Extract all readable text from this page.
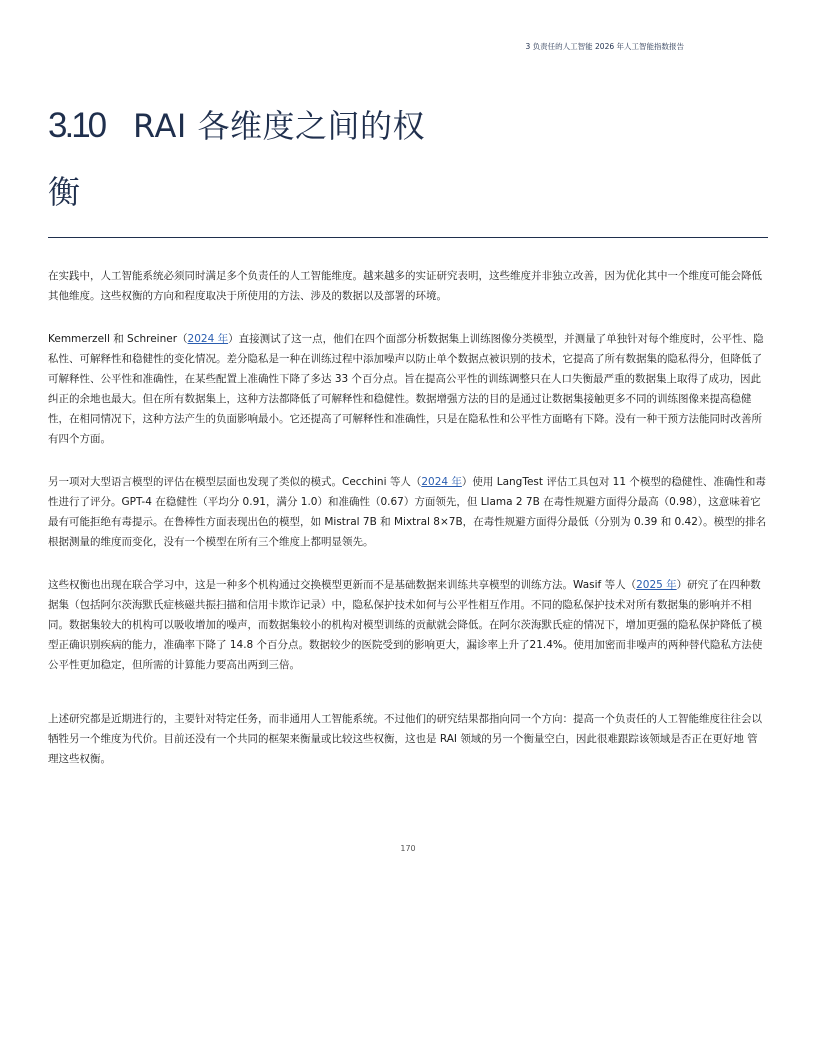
3 负责任的人工智能 2026 年人工智能指数报告
3.10 RAI 各维度之间的权
衡

在实践中，人工智能系统必须同时满足多个负责任的人工智能维度。越来越多的实证研究表明，这些维度并非独立改善，因为优化其中一个维度可能会降低其他维度。这些权衡的方向和程度取决于所使用的方法、涉及的数据以及部署的环境。

Kemmerzell 和 Schreiner（2024 年）直接测试了这一点，他们在四个面部分析数据集上训练图像分类模型，并测量了单独针对每个维度时，公平性、隐私性、可解释性和稳健性的变化情况。差分隐私是一种在训练过程中添加噪声以防止单个数据点被识别的技术，它提高了所有数据集的隐私得分，但降低了可解释性、公平性和准确性，在某些配置上准确性下降了多达 33 个百分点。旨在提高公平性的训练调整只在人口失衡最严重的数据集上取得了成功，因此纠正的余地也最大。但在所有数据集上，这种方法都降低了可解释性和稳健性。数据增强方法的目的是通过让数据集接触更多不同的训练图像来提高稳健性，在相同情况下，这种方法产生的负面影响最小。它还提高了可解释性和准确性，只是在隐私性和公平性方面略有下降。没有一种干预方法能同时改善所有四个方面。

另一项对大型语言模型的评估在模型层面也发现了类似的模式。Cecchini 等人（2024 年）使用 LangTest 评估工具包对 11 个模型的稳健性、准确性和毒性进行了评分。GPT-4 在稳健性（平均分 0.91，满分 1.0）和准确性（0.67）方面领先，但 Llama 2 7B 在毒性规避方面得分最高（0.98），这意味着它最有可能拒绝有毒提示。在鲁棒性方面表现出色的模型，如 Mistral 7B 和 Mixtral 8×7B，在毒性规避方面得分最低（分别为 0.39 和 0.42）。模型的排名根据测量的维度而变化，没有一个模型在所有三个维度上都明显领先。

这些权衡也出现在联合学习中，这是一种多个机构通过交换模型更新而不是基础数据来训练共享模型的训练方法。Wasif 等人（2025 年）研究了在四种数据集（包括阿尔茨海默氏症核磁共振扫描和信用卡欺诈记录）中，隐私保护技术如何与公平性相互作用。不同的隐私保护技术对所有数据集的影响并不相同。数据集较大的机构可以吸收增加的噪声，而数据集较小的机构对模型训练的贡献就会降低。在阿尔茨海默氏症的情况下，增加更强的隐私保护降低了模型正确识别疾病的能力，准确率下降了 14.8 个百分点。数据较少的医院受到的影响更大，漏诊率上升了21.4%。使用加密而非噪声的两种替代隐私方法使公平性更加稳定，但所需的计算能力要高出两到三倍。

上述研究都是近期进行的，主要针对特定任务，而非通用人工智能系统。不过他们的研究结果都指向同一个方向：提高一个负责任的人工智能维度往往会以牺牲另一个维度为代价。目前还没有一个共同的框架来衡量或比较这些权衡，这也是 RAI 领域的另一个衡量空白，因此很难跟踪该领域是否正在更好地 管理这些权衡。

170
